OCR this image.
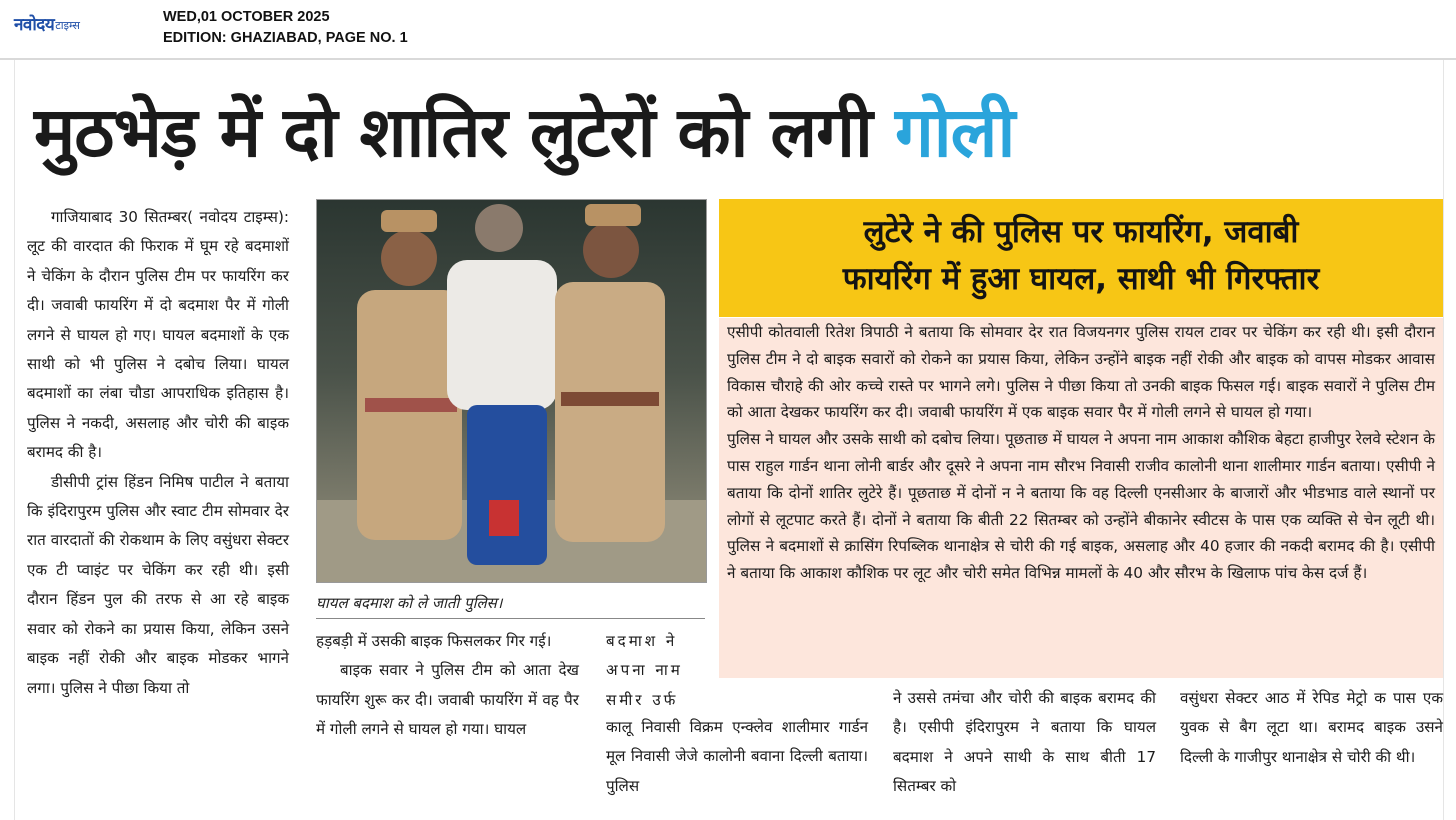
नवोदय टाइम्स
WED,01 OCTOBER 2025
EDITION: GHAZIABAD, PAGE NO. 1
मुठभेड़ में दो शातिर लुटेरों को लगी गोली

गाजियाबाद 30 सितम्बर( नवोदय टाइम्स): लूट की वारदात की फिराक में घूम रहे बदमाशों ने चेकिंग के दौरान पुलिस टीम पर फायरिंग कर दी। जवाबी फायरिंग में दो बदमाश पैर में गोली लगने से घायल हो गए। घायल बदमाशों के एक साथी को भी पुलिस ने दबोच लिया। घायल बदमाशों का लंबा चौडा आपराधिक इतिहास है। पुलिस ने नकदी, असलाह और चोरी की बाइक बरामद की है।

डीसीपी ट्रांस हिंडन निमिष पाटील ने बताया कि इंदिरापुरम पुलिस और स्वाट टीम सोमवार देर रात वारदातों की रोकथाम के लिए वसुंधरा सेक्टर एक टी प्वाइंट पर चेकिंग कर रही थी। इसी दौरान हिंडन पुल की तरफ से आ रहे बाइक सवार को रोकने का प्रयास किया, लेकिन उसने बाइक नहीं रोकी और बाइक मोडकर भागने लगा। पुलिस ने पीछा किया तो

घायल बदमाश को ले जाती पुलिस।

हड़बड़ी में उसकी बाइक फिसलकर गिर गई।

बाइक सवार ने पुलिस टीम को आता देख फायरिंग शुरू कर दी। जवाबी फायरिंग में वह पैर में गोली लगने से घायल हो गया। घायल

बदमाश ने अपना नाम समीर उर्फ

कालू निवासी विक्रम एन्क्लेव शालीमार गार्डन मूल निवासी जेजे कालोनी बवाना दिल्ली बताया। पुलिस

ने उससे तमंचा और चोरी की बाइक बरामद की है। एसीपी इंदिरापुरम ने बताया कि घायल बदमाश ने अपने साथी के साथ बीती 17 सितम्बर को

वसुंधरा सेक्टर आठ में रेपिड मेट्रो क पास एक युवक से बैग लूटा था। बरामद बाइक उसने दिल्ली के गाजीपुर थानाक्षेत्र से चोरी की थी।

लुटेरे ने की पुलिस पर फायरिंग, जवाबी
फायरिंग में हुआ घायल, साथी भी गिरफ्तार

एसीपी कोतवाली रितेश त्रिपाठी ने बताया कि सोमवार देर रात विजयनगर पुलिस रायल टावर पर चेकिंग कर रही थी। इसी दौरान पुलिस टीम ने दो बाइक सवारों को रोकने का प्रयास किया, लेकिन उन्होंने बाइक नहीं रोकी और बाइक को वापस मोडकर आवास विकास चौराहे की ओर कच्चे रास्ते पर भागने लगे। पुलिस ने पीछा किया तो उनकी बाइक फिसल गई। बाइक सवारों ने पुलिस टीम को आता देखकर फायरिंग कर दी। जवाबी फायरिंग में एक बाइक सवार पैर में गोली लगने से घायल हो गया।

पुलिस ने घायल और उसके साथी को दबोच लिया। पूछताछ में घायल ने अपना नाम आकाश कौशिक बेहटा हाजीपुर रेलवे स्टेशन के पास राहुल गार्डन थाना लोनी बार्डर और दूसरे ने अपना नाम सौरभ निवासी राजीव कालोनी थाना शालीमार गार्डन बताया। एसीपी ने बताया कि दोनों शातिर लुटेरे हैं। पूछताछ में दोनों न ने बताया कि वह दिल्ली एनसीआर के बाजारों और भीडभाड वाले स्थानों पर लोगों से लूटपाट करते हैं। दोनों ने बताया कि बीती 22 सितम्बर को उन्होंने बीकानेर स्वीटस के पास एक व्यक्ति से चेन लूटी थी। पुलिस ने बदमाशों से क्रासिंग रिपब्लिक थानाक्षेत्र से चोरी की गई बाइक, असलाह और 40 हजार की नकदी बरामद की है। एसीपी ने बताया कि आकाश कौशिक पर लूट और चोरी समेत विभिन्न मामलों के 40 और सौरभ के खिलाफ पांच केस दर्ज हैं।
